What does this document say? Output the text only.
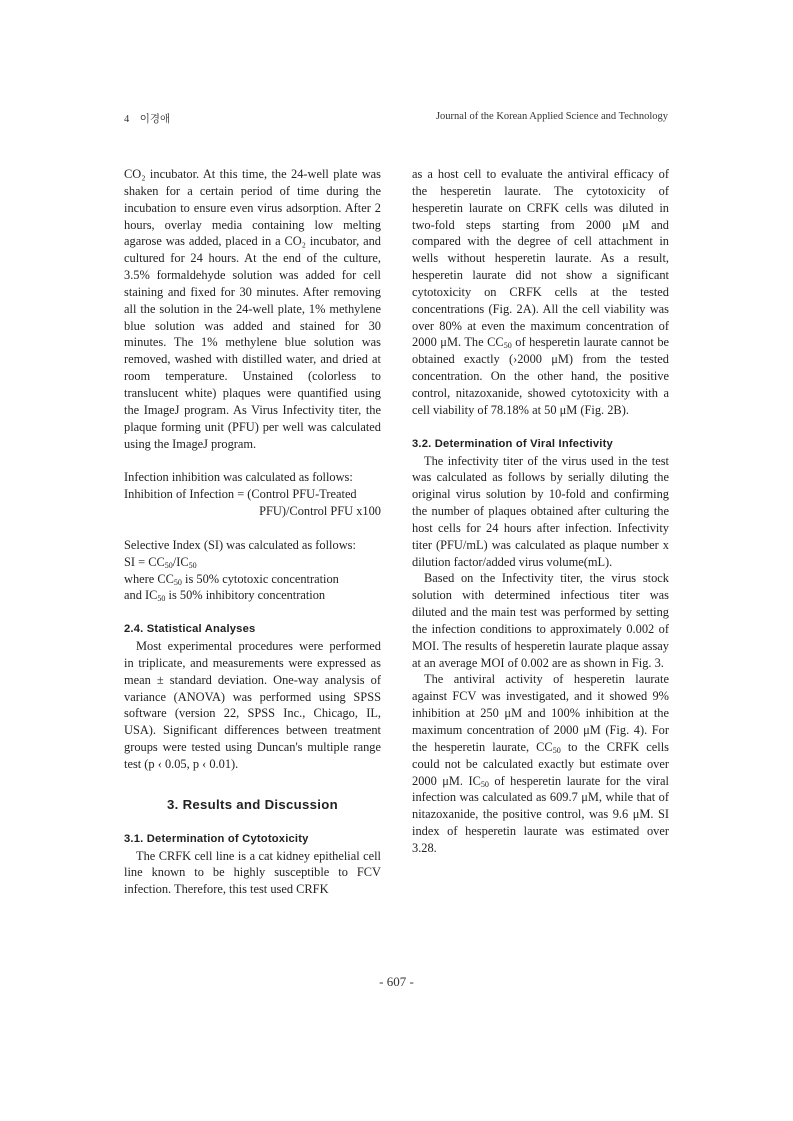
4 이경애	Journal of the Korean Applied Science and Technology

CO₂ incubator. At this time, the 24-well plate was shaken for a certain period of time during the incubation to ensure even virus adsorption. After 2 hours, overlay media containing low melting agarose was added, placed in a CO₂ incubator, and cultured for 24 hours. At the end of the culture, 3.5% formaldehyde solution was added for cell staining and fixed for 30 minutes. After removing all the solution in the 24-well plate, 1% methylene blue solution was added and stained for 30 minutes. The 1% methylene blue solution was removed, washed with distilled water, and dried at room temperature. Unstained (colorless to translucent white) plaques were quantified using the ImageJ program. As Virus Infectivity titer, the plaque forming unit (PFU) per well was calculated using the ImageJ program.

Infection inhibition was calculated as follows:

Inhibition of Infection = (Control PFU-Treated

PFU)/Control PFU x100

Selective Index (SI) was calculated as follows:

SI = $CC_{50}/IC_{50}$

where $CC_{50}$ is 50% cytotoxic concentration

and $IC_{50}$ is 50% inhibitory concentration

2.4. Statistical Analyses

Most experimental procedures were performed in triplicate, and measurements were expressed as mean ± standard deviation. One-way analysis of variance (ANOVA) was performed using SPSS software (version 22, SPSS Inc., Chicago, IL, USA). Significant differences between treatment groups were tested using Duncan's multiple range test (p ‹ 0.05, p ‹ 0.01).

3. Results and Discussion

3.1. Determination of Cytotoxicity

The CRFK cell line is a cat kidney epithelial cell line known to be highly susceptible to FCV infection. Therefore, this test used CRFK

as a host cell to evaluate the antiviral efficacy of the hesperetin laurate. The cytotoxicity of hesperetin laurate on CRFK cells was diluted in two-fold steps starting from 2000 μM and compared with the degree of cell attachment in wells without hesperetin laurate. As a result, hesperetin laurate did not show a significant cytotoxicity on CRFK cells at the tested concentrations (Fig. 2A). All the cell viability was over 80% at even the maximum concentration of 2000 μM. The $CC_{50}$ of hesperetin laurate cannot be obtained exactly (›2000 μM) from the tested concentration. On the other hand, the positive control, nitazoxanide, showed cytotoxicity with a cell viability of 78.18% at 50 μM (Fig. 2B).

3.2. Determination of Viral Infectivity

The infectivity titer of the virus used in the test was calculated as follows by serially diluting the original virus solution by 10-fold and confirming the number of plaques obtained after culturing the host cells for 24 hours after infection. Infectivity titer (PFU/mL) was calculated as plaque number x dilution factor/added virus volume(mL).

Based on the Infectivity titer, the virus stock solution with determined infectious titer was diluted and the main test was performed by setting the infection conditions to approximately 0.002 of MOI. The results of hesperetin laurate plaque assay at an average MOI of 0.002 are as shown in Fig. 3.

The antiviral activity of hesperetin laurate against FCV was investigated, and it showed 9% inhibition at 250 μM and 100% inhibition at the maximum concentration of 2000 μM (Fig. 4). For the hesperetin laurate, $CC_{50}$ to the CRFK cells could not be calculated exactly but estimate over 2000 μM. $IC_{50}$ of hesperetin laurate for the viral infection was calculated as 609.7 μM, while that of nitazoxanide, the positive control, was 9.6 μM. SI index of hesperetin laurate was estimated over 3.28.

- 607 -
